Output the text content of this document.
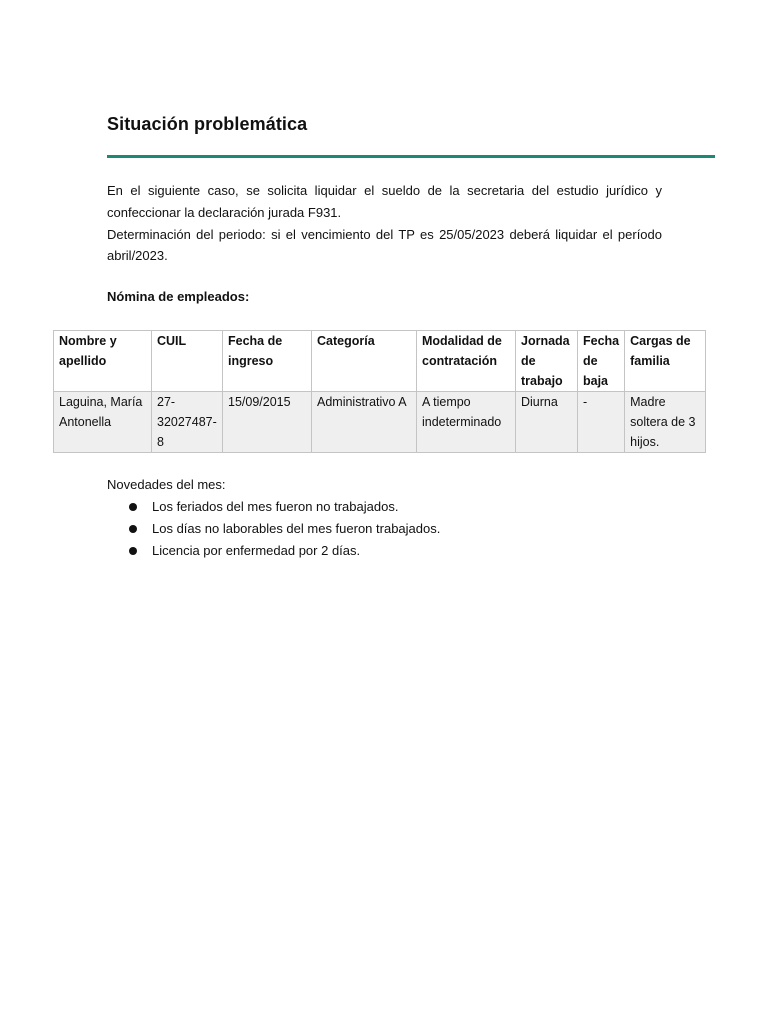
Situación problemática

En el siguiente caso, se solicita liquidar el sueldo de la secretaria del estudio jurídico y confeccionar la declaración jurada F931.

Determinación del periodo: si el vencimiento del TP es 25/05/2023 deberá liquidar el período abril/2023.

Nómina de empleados:
Nombre y apellido	CUIL	Fecha de ingreso	Categoría	Modalidad de contratación	Jornada de trabajo	Fecha de baja	Cargas de familia
Laguina, María Antonella	27-32027487-8	15/09/2015	Administrativo A	A tiempo indeterminado	Diurna	-	Madre soltera de 3 hijos.
Novedades del mes:
Los feriados del mes fueron no trabajados.
Los días no laborables del mes fueron trabajados.
Licencia por enfermedad por 2 días.
